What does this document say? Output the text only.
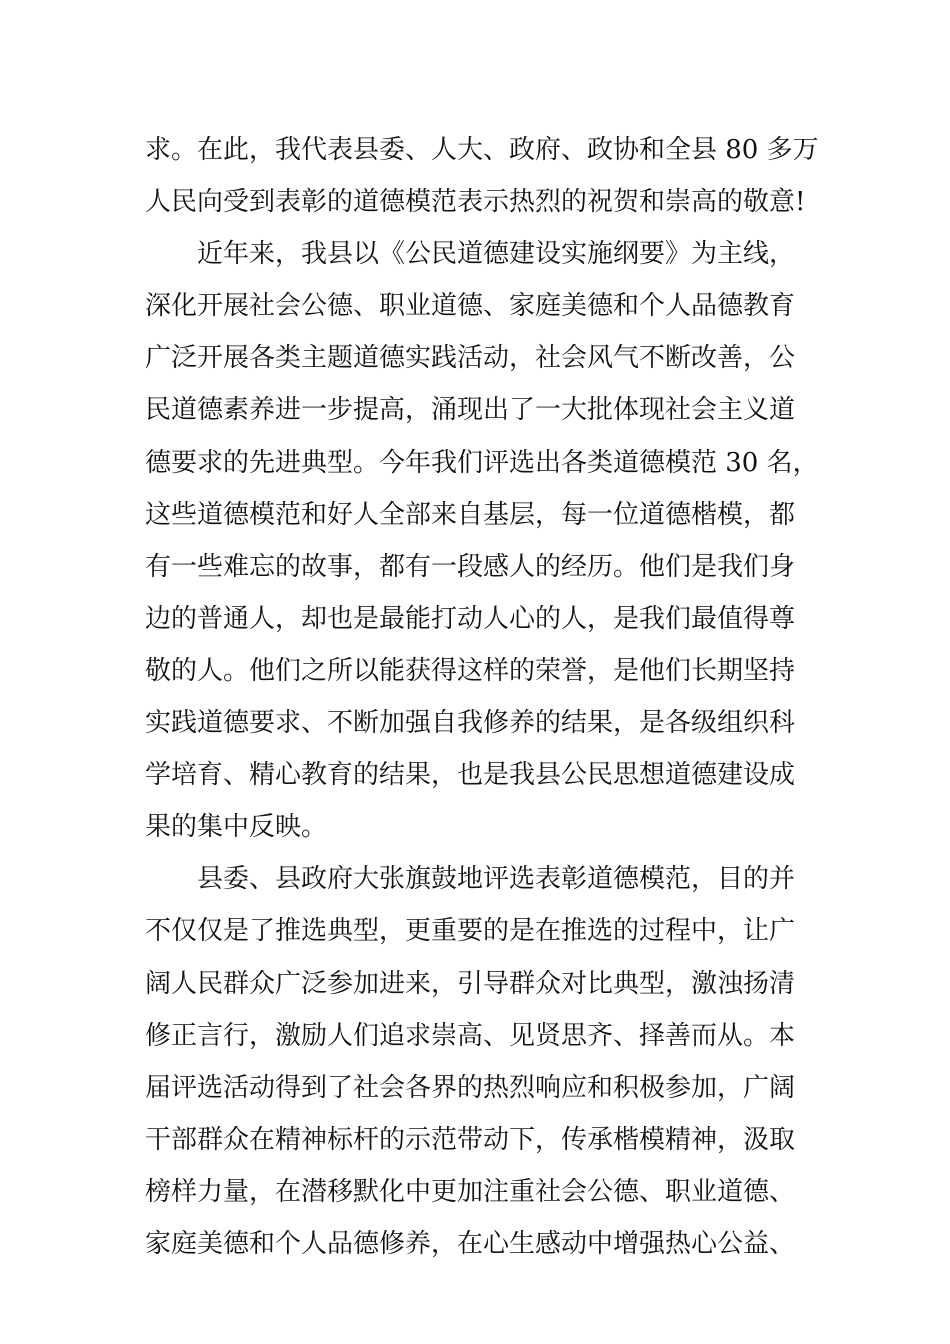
求。在此，我代表县委、人大、政府、政协和全县 80 多万
人民向受到表彰的道德模范表示热烈的祝贺和崇高的敬意!
近年来，我县以《公民道德建设实施纲要》为主线，
深化开展社会公德、职业道德、家庭美德和个人品德教育
广泛开展各类主题道德实践活动，社会风气不断改善，公
民道德素养进一步提高，涌现出了一大批体现社会主义道
德要求的先进典型。今年我们评选出各类道德模范 30 名，
这些道德模范和好人全部来自基层，每一位道德楷模，都
有一些难忘的故事，都有一段感人的经历。他们是我们身
边的普通人，却也是最能打动人心的人，是我们最值得尊
敬的人。他们之所以能获得这样的荣誉，是他们长期坚持
实践道德要求、不断加强自我修养的结果，是各级组织科
学培育、精心教育的结果，也是我县公民思想道德建设成
果的集中反映。
县委、县政府大张旗鼓地评选表彰道德模范，目的并
不仅仅是了推选典型，更重要的是在推选的过程中，让广
阔人民群众广泛参加进来，引导群众对比典型，激浊扬清
修正言行，激励人们追求崇高、见贤思齐、择善而从。本
届评选活动得到了社会各界的热烈响应和积极参加，广阔
干部群众在精神标杆的示范带动下，传承楷模精神，汲取
榜样力量，在潜移默化中更加注重社会公德、职业道德、
家庭美德和个人品德修养，在心生感动中增强热心公益、
